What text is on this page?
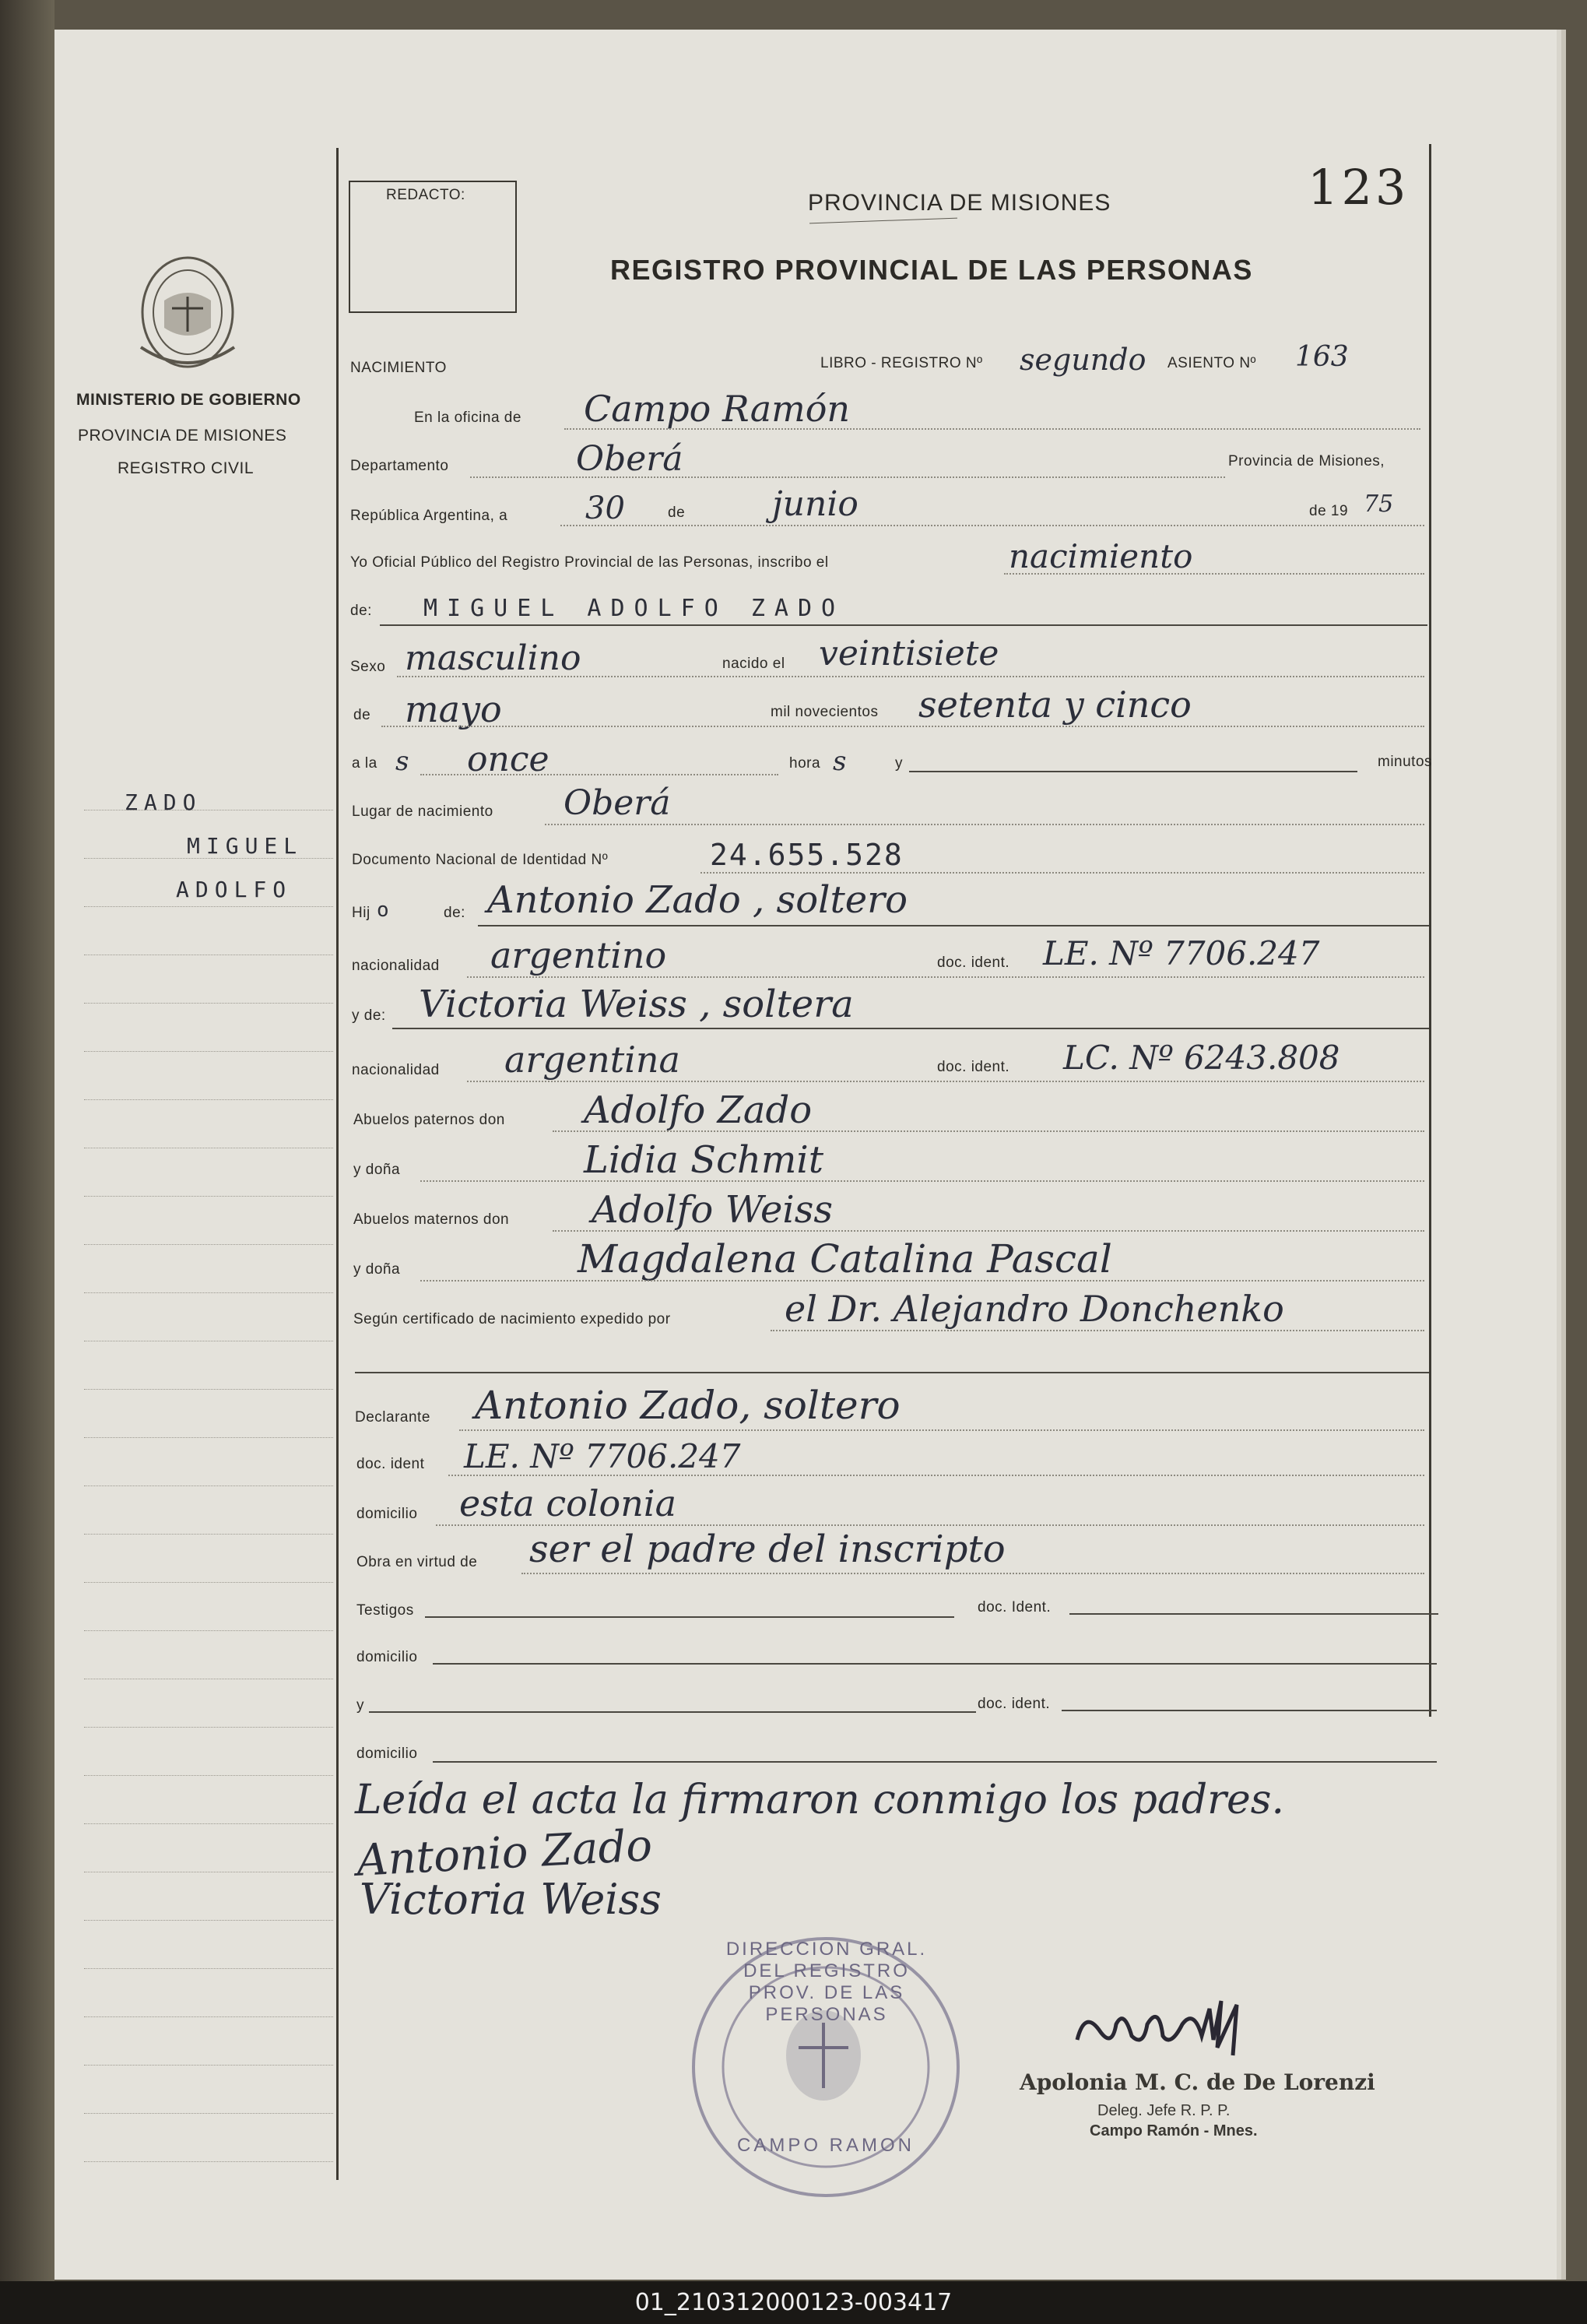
REDACTO:	PROVINCIA DE MISIONES
REGISTRO PROVINCIAL DE LAS PERSONAS
123
MINISTERIO DE GOBIERNO
PROVINCIA DE MISIONES
REGISTRO CIVIL
ZADO
MIGUEL
ADOLFO
NACIMIENTO	LIBRO - REGISTRO Nº segundo ASIENTO Nº 163
En la oficina de Campo Ramón
Departamento	Oberá	Provincia de Misiones,
República Argentina, a 30	de	junio	de 19 75
Yo Oficial Público del Registro Provincial de las Personas, inscribo el	nacimiento
de: MIGUEL ADOLFO ZADO
Sexo masculino	nacido el veintisiete
de mayo	mil novecientos setenta y cinco
a la s once	hora s	y	minutos
Lugar de nacimiento Oberá
Documento Nacional de Identidad Nº	24.655.528
Hij o	de: Antonio Zado , soltero
nacionalidad argentino	doc. ident. LE. Nº 7706.247
y de: Victoria Weiss , soltera
nacionalidad argentina	doc. ident. LC. Nº 6243.808
Abuelos paternos don Adolfo Zado
y doña	Lidia Schmit
Abuelos maternos don Adolfo Weiss
y doña	Magdalena Catalina Pascal
Según certificado de nacimiento expedido por	el Dr. Alejandro Donchenko
Declarante Antonio Zado, soltero
doc. ident LE. Nº 7706.247
domicilio esta colonia
Obra en virtud de ser el padre del inscripto
Testigos	doc. Ident.
domicilio
y	doc. ident.
domicilio
Leída el acta la firmaron conmigo los padres.
Antonio Zado
Victoria Weiss
DIRECCION GRAL. DEL REGISTRO PROV. DE LAS PERSONAS
CAMPO RAMON
Apolonia M. C. de De Lorenzi
Deleg. Jefe R. P. P.
Campo Ramón - Mnes.
01_210312000123-003417
